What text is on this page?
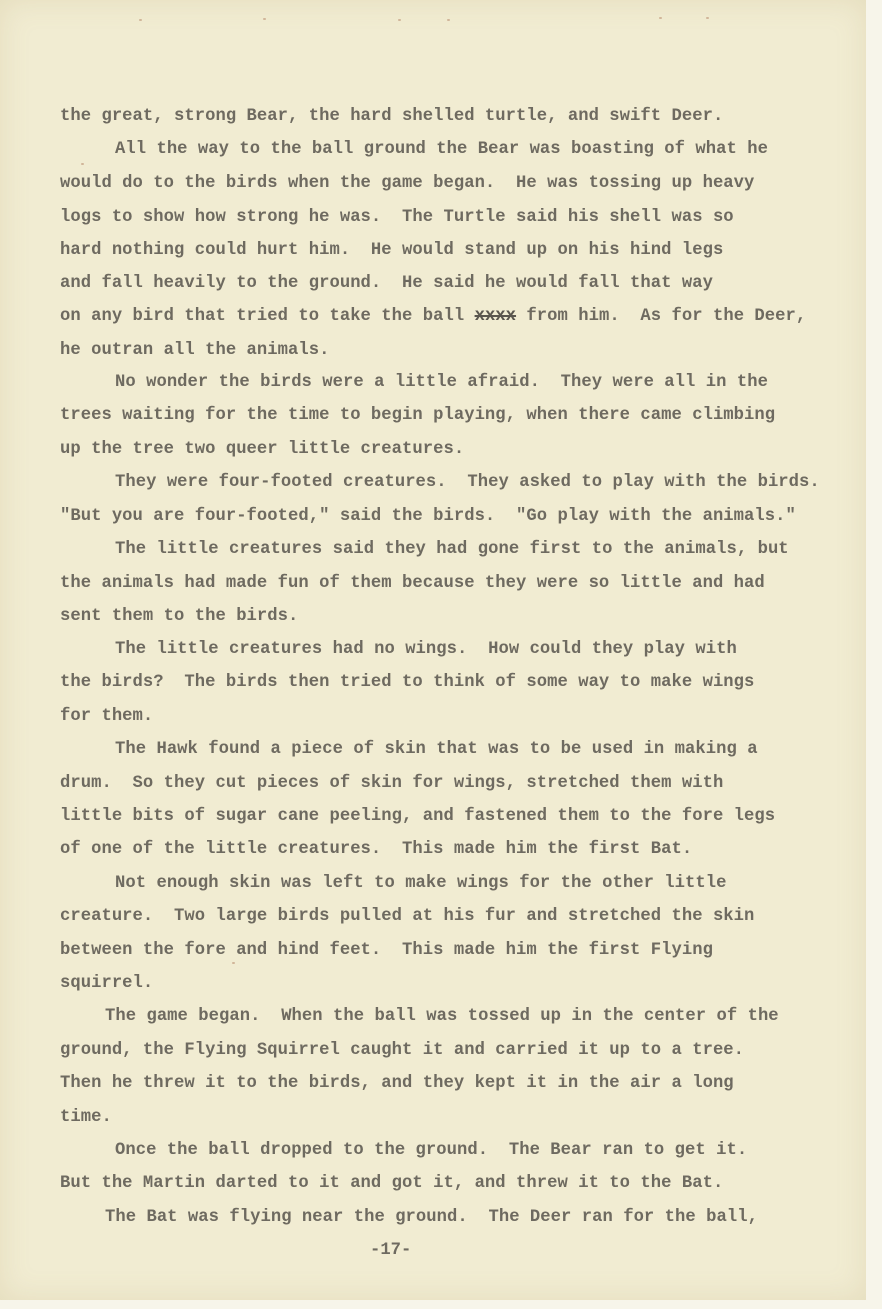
the great, strong Bear, the hard shelled turtle, and swift Deer.
All the way to the ball ground the Bear was boasting of what he
would do to the birds when the game began.  He was tossing up heavy
logs to show how strong he was.  The Turtle said his shell was so
hard nothing could hurt him.  He would stand up on his hind legs
and fall heavily to the ground.  He said he would fall that way
on any bird that tried to take the ball xxxx from him.  As for the Deer,
he outran all the animals.
No wonder the birds were a little afraid.  They were all in the
trees waiting for the time to begin playing, when there came climbing
up the tree two queer little creatures.
They were four-footed creatures.  They asked to play with the birds.
"But you are four-footed," said the birds.  "Go play with the animals."
The little creatures said they had gone first to the animals, but
the animals had made fun of them because they were so little and had
sent them to the birds.
The little creatures had no wings.  How could they play with
the birds?  The birds then tried to think of some way to make wings
for them.
The Hawk found a piece of skin that was to be used in making a
drum.  So they cut pieces of skin for wings, stretched them with
little bits of sugar cane peeling, and fastened them to the fore legs
of one of the little creatures.  This made him the first Bat.
Not enough skin was left to make wings for the other little
creature.  Two large birds pulled at his fur and stretched the skin
between the fore and hind feet.  This made him the first Flying
squirrel.
The game began.  When the ball was tossed up in the center of the
ground, the Flying Squirrel caught it and carried it up to a tree.
Then he threw it to the birds, and they kept it in the air a long
time.
Once the ball dropped to the ground.  The Bear ran to get it.
But the Martin darted to it and got it, and threw it to the Bat.
The Bat was flying near the ground.  The Deer ran for the ball,
-17-
